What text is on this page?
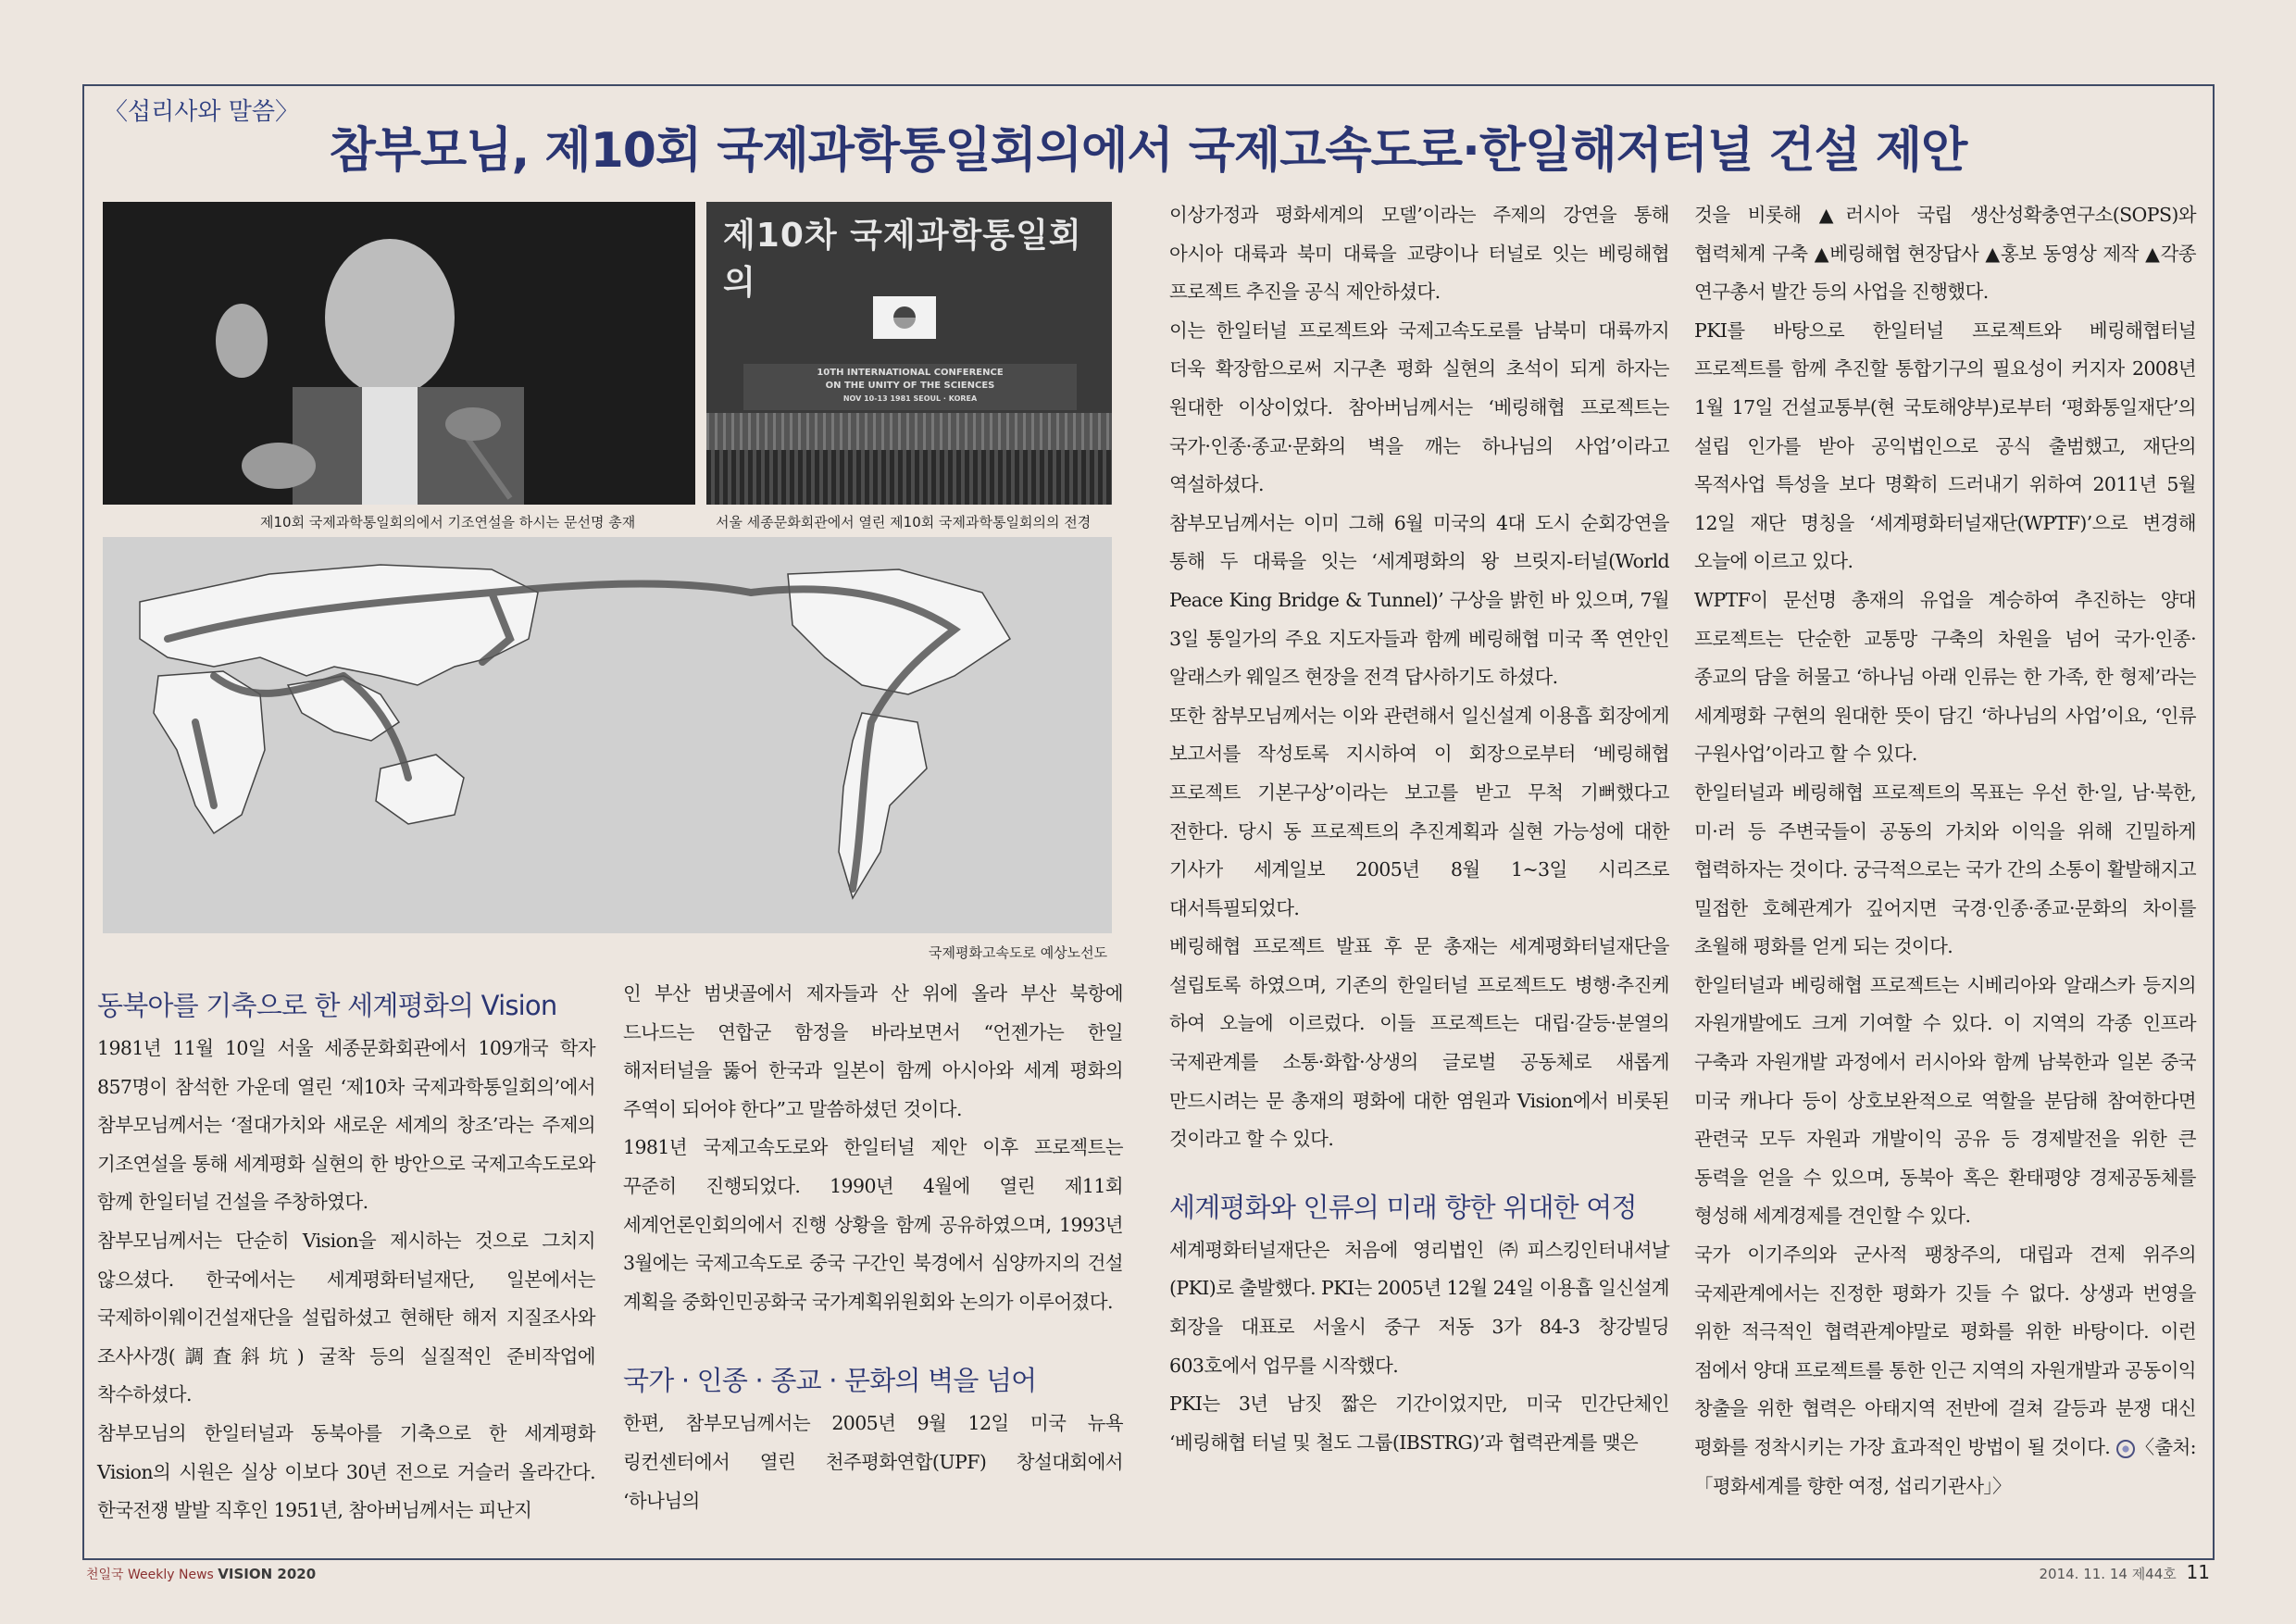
〈섭리사와 말씀〉
참부모님, 제10회 국제과학통일회의에서 국제고속도로·한일해저터널 건설 제안
제10회 국제과학통일회의에서 기조연설을 하시는 문선명 총재
제10차 국제과학통일회의
10TH INTERNATIONAL CONFERENCE
ON THE UNITY OF THE SCIENCES
NOV 10-13 1981 SEOUL · KOREA
서울 세종문화회관에서 열린 제10회 국제과학통일회의의 전경
국제평화고속도로 예상노선도
동북아를 기축으로 한 세계평화의 Vision

1981년 11월 10일 서울 세종문화회관에서 109개국 학자 857명이 참석한 가운데 열린 ‘제10차 국제과학통일회의’에서 참부모님께서는 ‘절대가치와 새로운 세계의 창조’라는 주제의 기조연설을 통해 세계평화 실현의 한 방안으로 국제고속도로와 함께 한일터널 건설을 주창하였다.

참부모님께서는 단순히 Vision을 제시하는 것으로 그치지 않으셨다. 한국에서는 세계평화터널재단, 일본에서는 국제하이웨이건설재단을 설립하셨고 현해탄 해저 지질조사와 조사사갱(調査斜坑) 굴착 등의 실질적인 준비작업에 착수하셨다.

참부모님의 한일터널과 동북아를 기축으로 한 세계평화 Vision의 시원은 실상 이보다 30년 전으로 거슬러 올라간다. 한국전쟁 발발 직후인 1951년, 참아버님께서는 피난지

인 부산 범냇골에서 제자들과 산 위에 올라 부산 북항에 드나드는 연합군 함정을 바라보면서 “언젠가는 한일 해저터널을 뚫어 한국과 일본이 함께 아시아와 세계 평화의 주역이 되어야 한다”고 말씀하셨던 것이다.

1981년 국제고속도로와 한일터널 제안 이후 프로젝트는 꾸준히 진행되었다. 1990년 4월에 열린 제11회 세계언론인회의에서 진행 상황을 함께 공유하였으며, 1993년 3월에는 국제고속도로 중국 구간인 북경에서 심양까지의 건설 계획을 중화인민공화국 국가계획위원회와 논의가 이루어졌다.

국가 · 인종 · 종교 · 문화의 벽을 넘어

한편, 참부모님께서는 2005년 9월 12일 미국 뉴욕 링컨센터에서 열린 천주평화연합(UPF) 창설대회에서 ‘하나님의

이상가정과 평화세계의 모델’이라는 주제의 강연을 통해 아시아 대륙과 북미 대륙을 교량이나 터널로 잇는 베링해협 프로젝트 추진을 공식 제안하셨다.

이는 한일터널 프로젝트와 국제고속도로를 남북미 대륙까지 더욱 확장함으로써 지구촌 평화 실현의 초석이 되게 하자는 원대한 이상이었다. 참아버님께서는 ‘베링해협 프로젝트는 국가·인종·종교·문화의 벽을 깨는 하나님의 사업’이라고 역설하셨다.

참부모님께서는 이미 그해 6월 미국의 4대 도시 순회강연을 통해 두 대륙을 잇는 ‘세계평화의 왕 브릿지-터널(World Peace King Bridge & Tunnel)’ 구상을 밝힌 바 있으며, 7월 3일 통일가의 주요 지도자들과 함께 베링해협 미국 쪽 연안인 알래스카 웨일즈 현장을 전격 답사하기도 하셨다.

또한 참부모님께서는 이와 관련해서 일신설계 이용흡 회장에게 보고서를 작성토록 지시하여 이 회장으로부터 ‘베링해협 프로젝트 기본구상’이라는 보고를 받고 무척 기뻐했다고 전한다. 당시 동 프로젝트의 추진계획과 실현 가능성에 대한 기사가 세계일보 2005년 8월 1~3일 시리즈로 대서특필되었다.

베링해협 프로젝트 발표 후 문 총재는 세계평화터널재단을 설립토록 하였으며, 기존의 한일터널 프로젝트도 병행·추진케 하여 오늘에 이르렀다. 이들 프로젝트는 대립·갈등·분열의 국제관계를 소통·화합·상생의 글로벌 공동체로 새롭게 만드시려는 문 총재의 평화에 대한 염원과 Vision에서 비롯된 것이라고 할 수 있다.

세계평화와 인류의 미래 향한 위대한 여정

세계평화터널재단은 처음에 영리법인 ㈜피스킹인터내셔날(PKI)로 출발했다. PKI는 2005년 12월 24일 이용흡 일신설계 회장을 대표로 서울시 중구 저동 3가 84-3 창강빌딩 603호에서 업무를 시작했다.

PKI는 3년 남짓 짧은 기간이었지만, 미국 민간단체인 ‘베링해협 터널 및 철도 그룹(IBSTRG)’과 협력관계를 맺은

것을 비롯해 ▲러시아 국립 생산성확충연구소(SOPS)와 협력체계 구축 ▲베링해협 현장답사 ▲홍보 동영상 제작 ▲각종 연구총서 발간 등의 사업을 진행했다.

PKI를 바탕으로 한일터널 프로젝트와 베링해협터널 프로젝트를 함께 추진할 통합기구의 필요성이 커지자 2008년 1월 17일 건설교통부(현 국토해양부)로부터 ‘평화통일재단’의 설립 인가를 받아 공익법인으로 공식 출범했고, 재단의 목적사업 특성을 보다 명확히 드러내기 위하여 2011년 5월 12일 재단 명칭을 ‘세계평화터널재단(WPTF)’으로 변경해 오늘에 이르고 있다.

WPTF이 문선명 총재의 유업을 계승하여 추진하는 양대 프로젝트는 단순한 교통망 구축의 차원을 넘어 국가·인종·종교의 담을 허물고 ‘하나님 아래 인류는 한 가족, 한 형제’라는 세계평화 구현의 원대한 뜻이 담긴 ‘하나님의 사업’이요, ‘인류 구원사업’이라고 할 수 있다.

한일터널과 베링해협 프로젝트의 목표는 우선 한·일, 남·북한, 미·러 등 주변국들이 공동의 가치와 이익을 위해 긴밀하게 협력하자는 것이다. 궁극적으로는 국가 간의 소통이 활발해지고 밀접한 호혜관계가 깊어지면 국경·인종·종교·문화의 차이를 초월해 평화를 얻게 되는 것이다.

한일터널과 베링해협 프로젝트는 시베리아와 알래스카 등지의 자원개발에도 크게 기여할 수 있다. 이 지역의 각종 인프라 구축과 자원개발 과정에서 러시아와 함께 남북한과 일본 중국 미국 캐나다 등이 상호보완적으로 역할을 분담해 참여한다면 관련국 모두 자원과 개발이익 공유 등 경제발전을 위한 큰 동력을 얻을 수 있으며, 동북아 혹은 환태평양 경제공동체를 형성해 세계경제를 견인할 수 있다.

국가 이기주의와 군사적 팽창주의, 대립과 견제 위주의 국제관계에서는 진정한 평화가 깃들 수 없다. 상생과 번영을 위한 적극적인 협력관계야말로 평화를 위한 바탕이다. 이런 점에서 양대 프로젝트를 통한 인근 지역의 자원개발과 공동이익 창출을 위한 협력은 아태지역 전반에 걸쳐 갈등과 분쟁 대신 평화를 정착시키는 가장 효과적인 방법이 될 것이다. 〈출처: 「평화세계를 향한 여정, 섭리기관사」〉

천일국 Weekly News VISION 2020	2014. 11. 14 제44호 11
